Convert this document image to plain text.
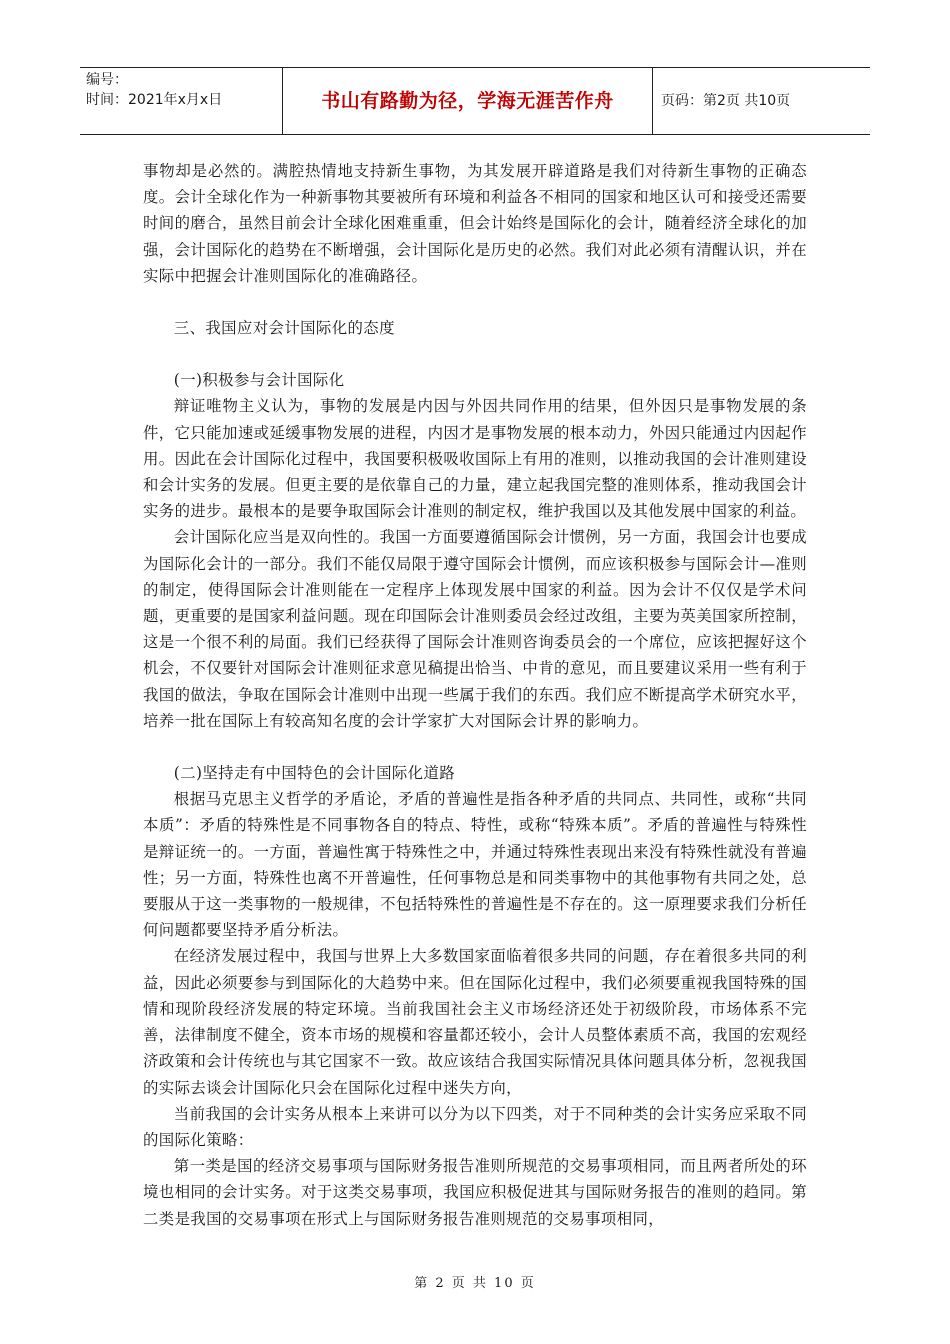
编号：
时间：2021年x月x日	书山有路勤为径，学海无涯苦作舟	页码：第2页 共10页

事物却是必然的。满腔热情地支持新生事物，为其发展开辟道路是我们对待新生事物的正确态度。会计全球化作为一种新事物其要被所有环境和利益各不相同的国家和地区认可和接受还需要时间的磨合，虽然目前会计全球化困难重重，但会计始终是国际化的会计，随着经济全球化的加强，会计国际化的趋势在不断增强，会计国际化是历史的必然。我们对此必须有清醒认识，并在实际中把握会计准则国际化的准确路径。

三、我国应对会计国际化的态度

(一)积极参与会计国际化

辩证唯物主义认为，事物的发展是内因与外因共同作用的结果，但外因只是事物发展的条件，它只能加速或延缓事物发展的进程，内因才是事物发展的根本动力，外因只能通过内因起作用。因此在会计国际化过程中，我国要积极吸收国际上有用的准则，以推动我国的会计准则建设和会计实务的发展。但更主要的是依靠自己的力量，建立起我国完整的准则体系，推动我国会计实务的进步。最根本的是要争取国际会计准则的制定权，维护我国以及其他发展中国家的利益。

会计国际化应当是双向性的。我国一方面要遵循国际会计惯例，另一方面，我国会计也要成为国际化会计的一部分。我们不能仅局限于遵守国际会计惯例，而应该积极参与国际会计—准则的制定，使得国际会计准则能在一定程序上体现发展中国家的利益。因为会计不仅仅是学术问题，更重要的是国家利益问题。现在印国际会计准则委员会经过改组，主要为英美国家所控制，这是一个很不利的局面。我们已经获得了国际会计准则咨询委员会的一个席位，应该把握好这个机会，不仅要针对国际会计准则征求意见稿提出恰当、中肯的意见，而且要建议采用一些有利于我国的做法，争取在国际会计准则中出现一些属于我们的东西。我们应不断提高学术研究水平，培养一批在国际上有较高知名度的会计学家扩大对国际会计界的影响力。

(二)坚持走有中国特色的会计国际化道路

根据马克思主义哲学的矛盾论，矛盾的普遍性是指各种矛盾的共同点、共同性，或称“共同本质”：矛盾的特殊性是不同事物各自的特点、特性，或称“特殊本质”。矛盾的普遍性与特殊性是辩证统一的。一方面，普遍性寓于特殊性之中，并通过特殊性表现出来没有特殊性就没有普遍性；另一方面，特殊性也离不开普遍性，任何事物总是和同类事物中的其他事物有共同之处，总要服从于这一类事物的一般规律，不包括特殊性的普遍性是不存在的。这一原理要求我们分析任何问题都要坚持矛盾分析法。

在经济发展过程中，我国与世界上大多数国家面临着很多共同的问题，存在着很多共同的利益，因此必须要参与到国际化的大趋势中来。但在国际化过程中，我们必须要重视我国特殊的国情和现阶段经济发展的特定环境。当前我国社会主义市场经济还处于初级阶段，市场体系不完善，法律制度不健全，资本市场的规模和容量都还较小，会计人员整体素质不高，我国的宏观经济政策和会计传统也与其它国家不一致。故应该结合我国实际情况具体问题具体分析，忽视我国的实际去谈会计国际化只会在国际化过程中迷失方向，

当前我国的会计实务从根本上来讲可以分为以下四类，对于不同种类的会计实务应采取不同的国际化策略：

第一类是国的经济交易事项与国际财务报告准则所规范的交易事项相同，而且两者所处的环境也相同的会计实务。对于这类交易事项，我国应积极促进其与国际财务报告的准则的趋同。第二类是我国的交易事项在形式上与国际财务报告准则规范的交易事项相同，

第 2 页 共 10 页
